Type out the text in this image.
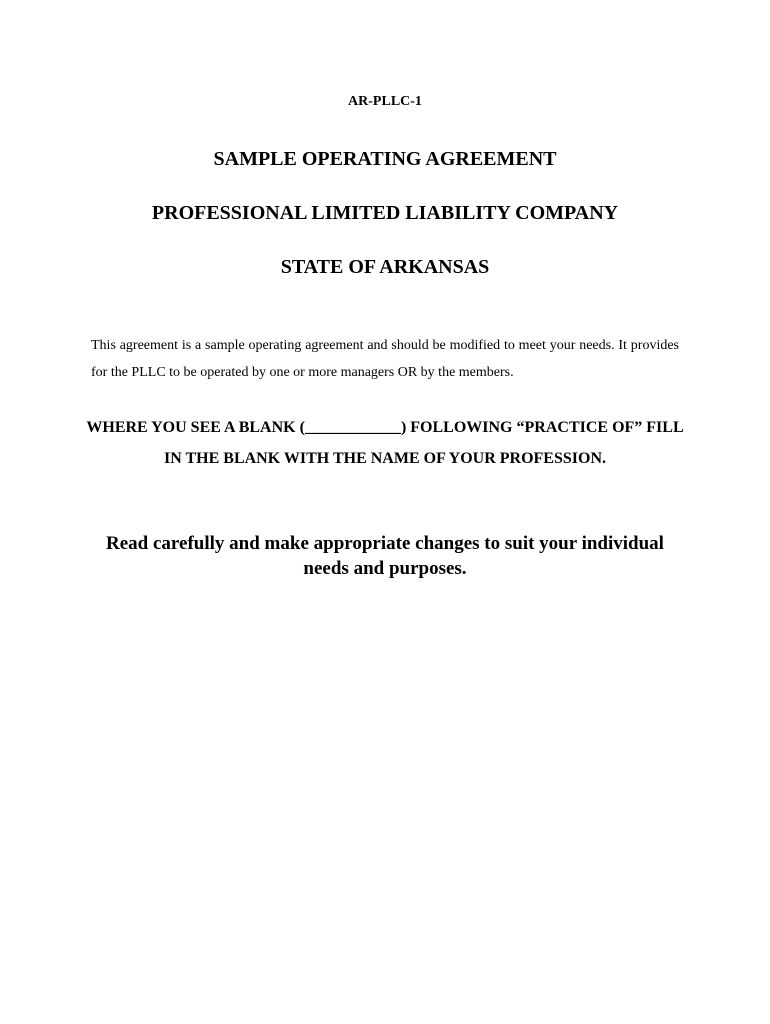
AR-PLLC-1
SAMPLE OPERATING AGREEMENT
PROFESSIONAL LIMITED LIABILITY COMPANY
STATE OF ARKANSAS

This agreement is a sample operating agreement and should be modified to meet your needs. It provides for the PLLC to be operated by one or more managers OR by the members.

WHERE YOU SEE A BLANK (____________) FOLLOWING “PRACTICE OF” FILL IN THE BLANK WITH THE NAME OF YOUR PROFESSION.

Read carefully and make appropriate changes to suit your individual needs and purposes.
